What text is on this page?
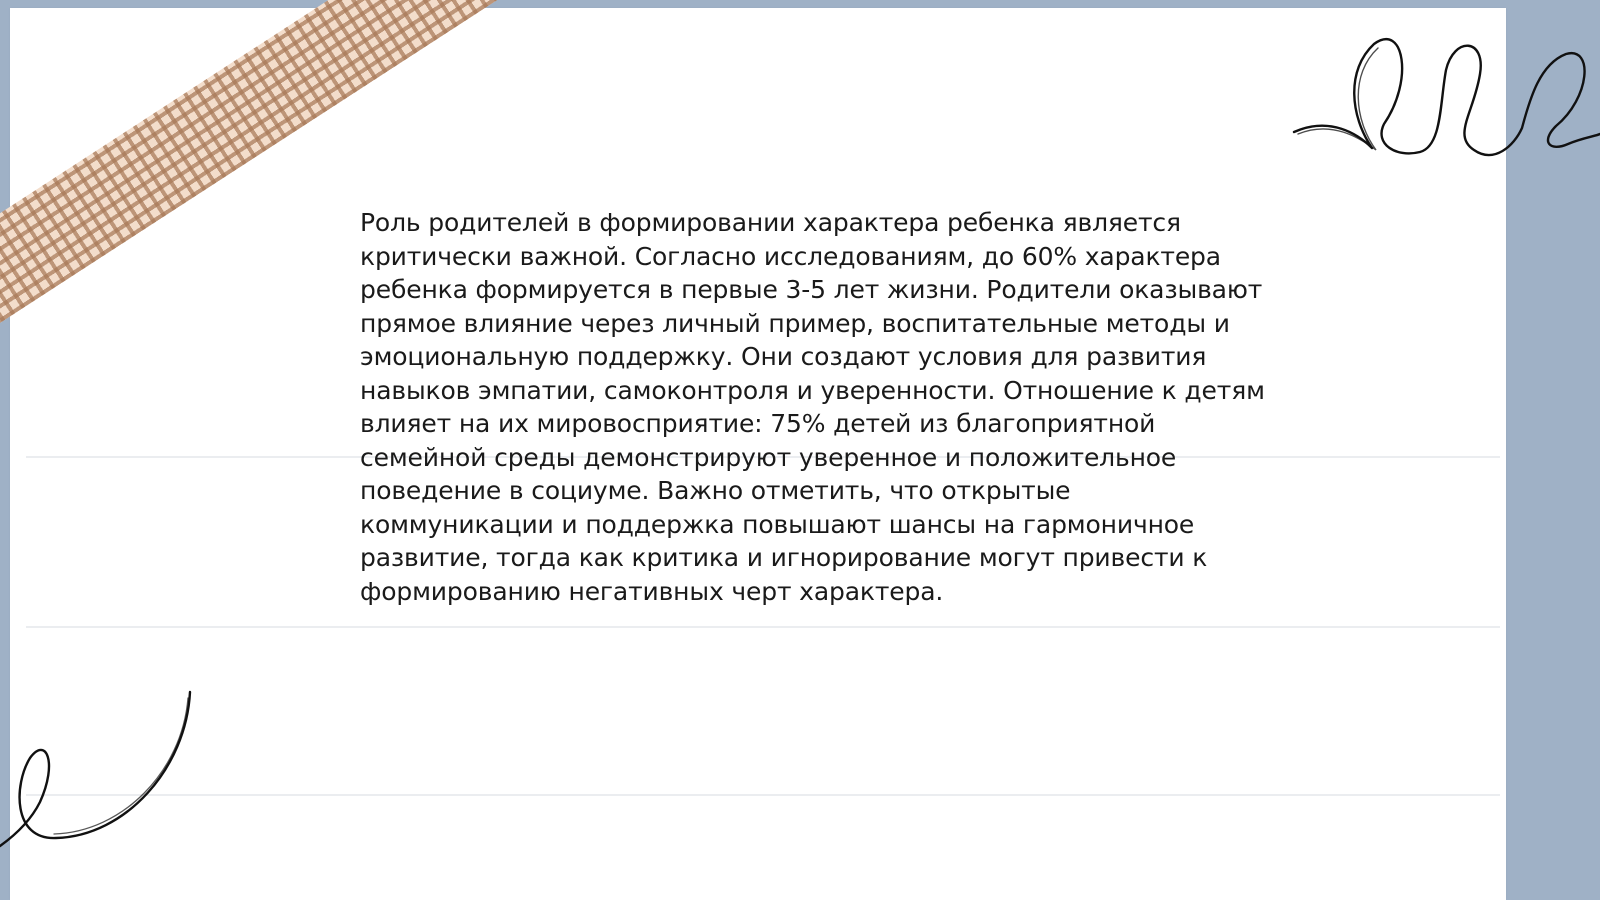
Роль родителей в формировании характера ребенка является критически важной. Согласно исследованиям, до 60% характера ребенка формируется в первые 3-5 лет жизни. Родители оказывают прямое влияние через личный пример, воспитательные методы и эмоциональную поддержку. Они создают условия для развития навыков эмпатии, самоконтроля и уверенности. Отношение к детям влияет на их мировосприятие: 75% детей из благоприятной семейной среды демонстрируют уверенное и положительное поведение в социуме. Важно отметить, что открытые коммуникации и поддержка повышают шансы на гармоничное развитие, тогда как критика и игнорирование могут привести к формированию негативных черт характера.
